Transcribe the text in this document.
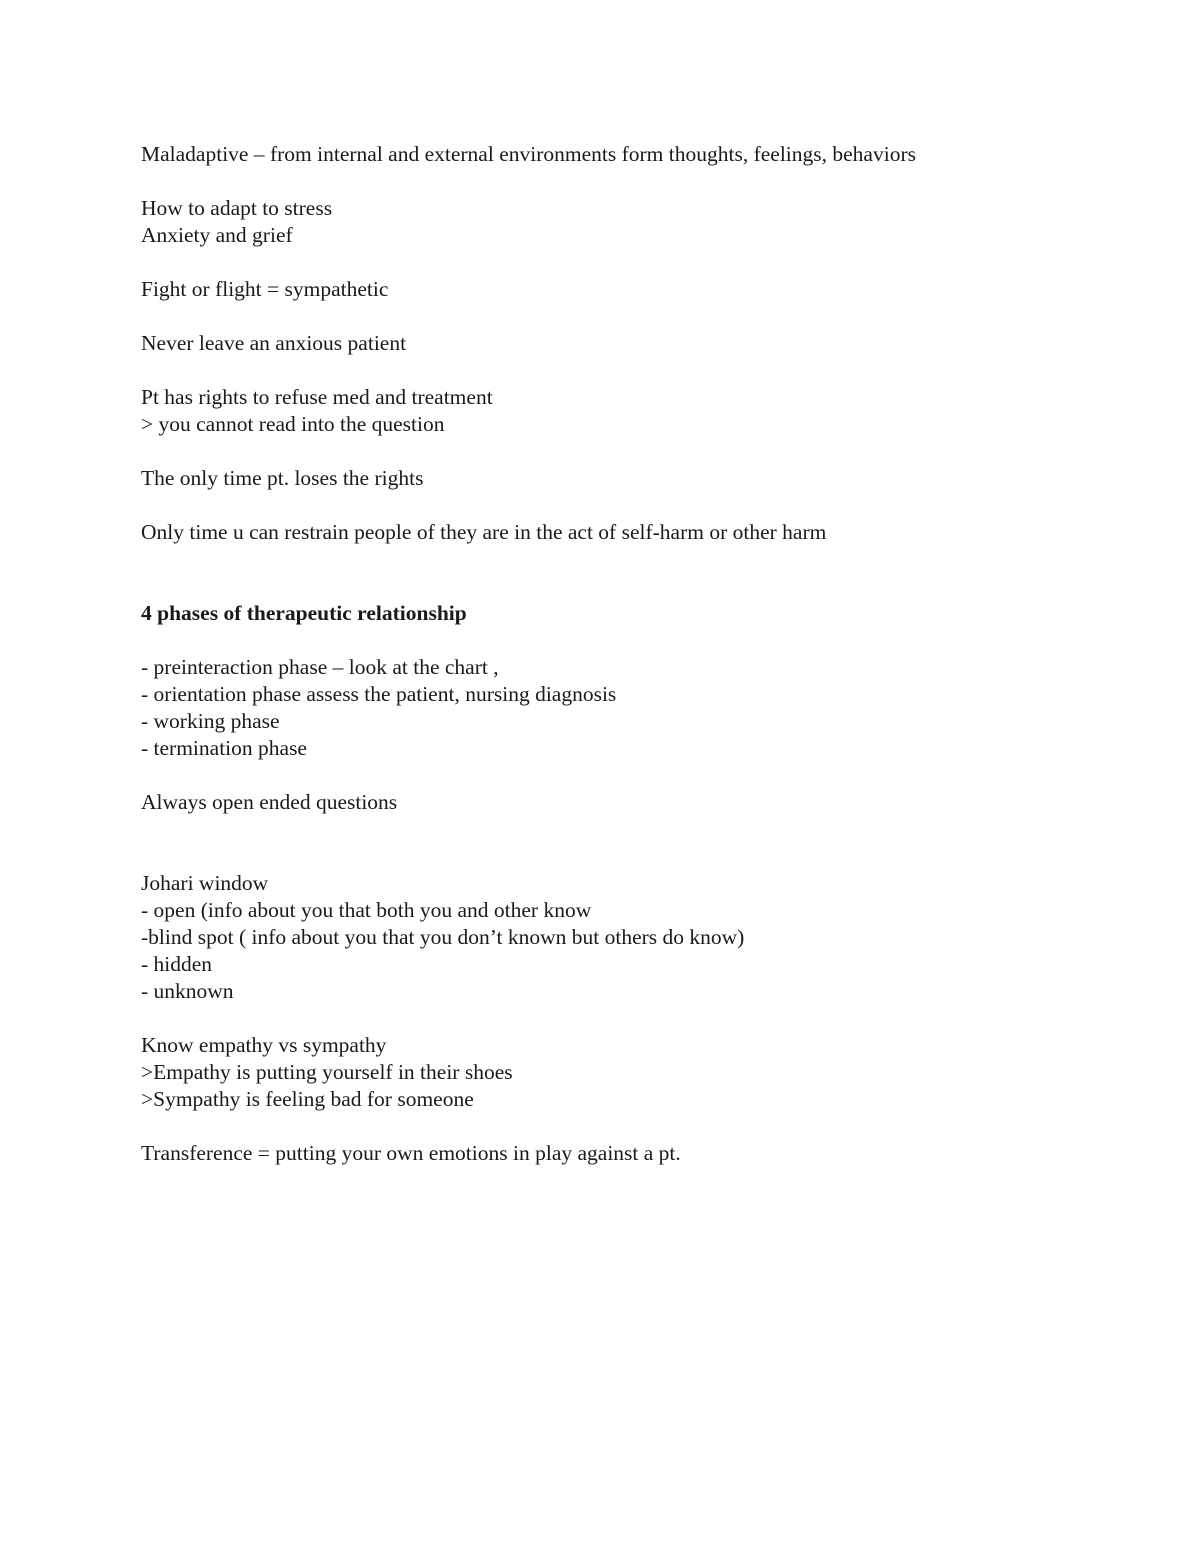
Maladaptive – from internal and external environments form thoughts, feelings, behaviors

How to adapt to stress
Anxiety and grief

Fight or flight = sympathetic

Never leave an anxious patient

Pt has rights to refuse med and treatment
> you cannot read into the question

The only time pt. loses the rights

Only time u can restrain people of they are in the act of self-harm or other harm

4 phases of therapeutic relationship

- preinteraction phase – look at the chart ,
- orientation phase assess the patient, nursing diagnosis
- working phase
- termination phase

Always open ended questions

Johari window
- open (info about you that both you and other know
-blind spot ( info about you that you don’t known but others do know)
- hidden
- unknown

Know empathy vs sympathy
>Empathy is putting yourself in their shoes
>Sympathy is feeling bad for someone

Transference = putting your own emotions in play against a pt.
